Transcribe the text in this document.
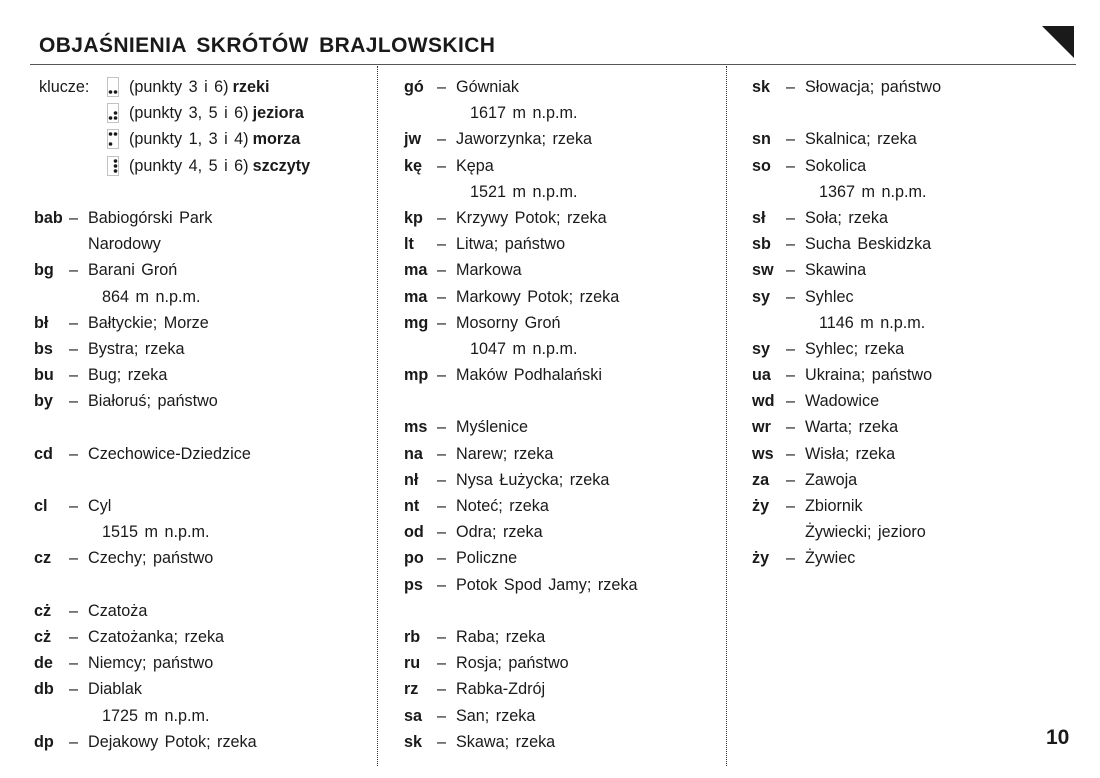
OBJAŚNIENIA SKRÓTÓW BRAJLOWSKICH
klucze:	(punkty 3 i 6) rzeki
(punkty 3, 5 i 6) jeziora
(punkty 1, 3 i 4) morza
(punkty 4, 5 i 6) szczyty
bab – Babiogórski Park
Narodowy
bg – Barani Groń
864 m n.p.m.
bł	– Bałtyckie; Morze
bs – Bystra; rzeka
bu – Bug; rzeka
by – Białoruś; państwo
cd – Czechowice-Dziedzice
cl	– Cyl
1515 m n.p.m.
cz	– Czechy; państwo
cż	– Czatoża
cż	– Czatożanka; rzeka
de – Niemcy; państwo
db – Diablak
1725 m n.p.m.
dp – Dejakowy Potok; rzeka
gó – Gówniak
1617 m n.p.m.
jw – Jaworzynka; rzeka
kę – Kępa
1521 m n.p.m.
kp – Krzywy Potok; rzeka
lt	– Litwa; państwo
ma – Markowa
ma – Markowy Potok; rzeka
mg – Mosorny Groń
1047 m n.p.m.
mp – Maków Podhalański
ms – Myślenice
na – Narew; rzeka
nł	– Nysa Łużycka; rzeka
nt	– Noteć; rzeka
od – Odra; rzeka
po – Policzne
ps – Potok Spod Jamy; rzeka
rb	– Raba; rzeka
ru	– Rosja; państwo
rz	– Rabka-Zdrój
sa – San; rzeka
sk – Skawa; rzeka
sk – Słowacja; państwo
sn – Skalnica; rzeka
so – Sokolica
1367 m n.p.m.
sł	– Soła; rzeka
sb – Sucha Beskidzka
sw – Skawina
sy – Syhlec
1146 m n.p.m.
sy – Syhlec; rzeka
ua – Ukraina; państwo
wd – Wadowice
wr – Warta; rzeka
ws – Wisła; rzeka
za	– Zawoja
ży	– Zbiornik
Żywiecki; jezioro
ży	– Żywiec
10
